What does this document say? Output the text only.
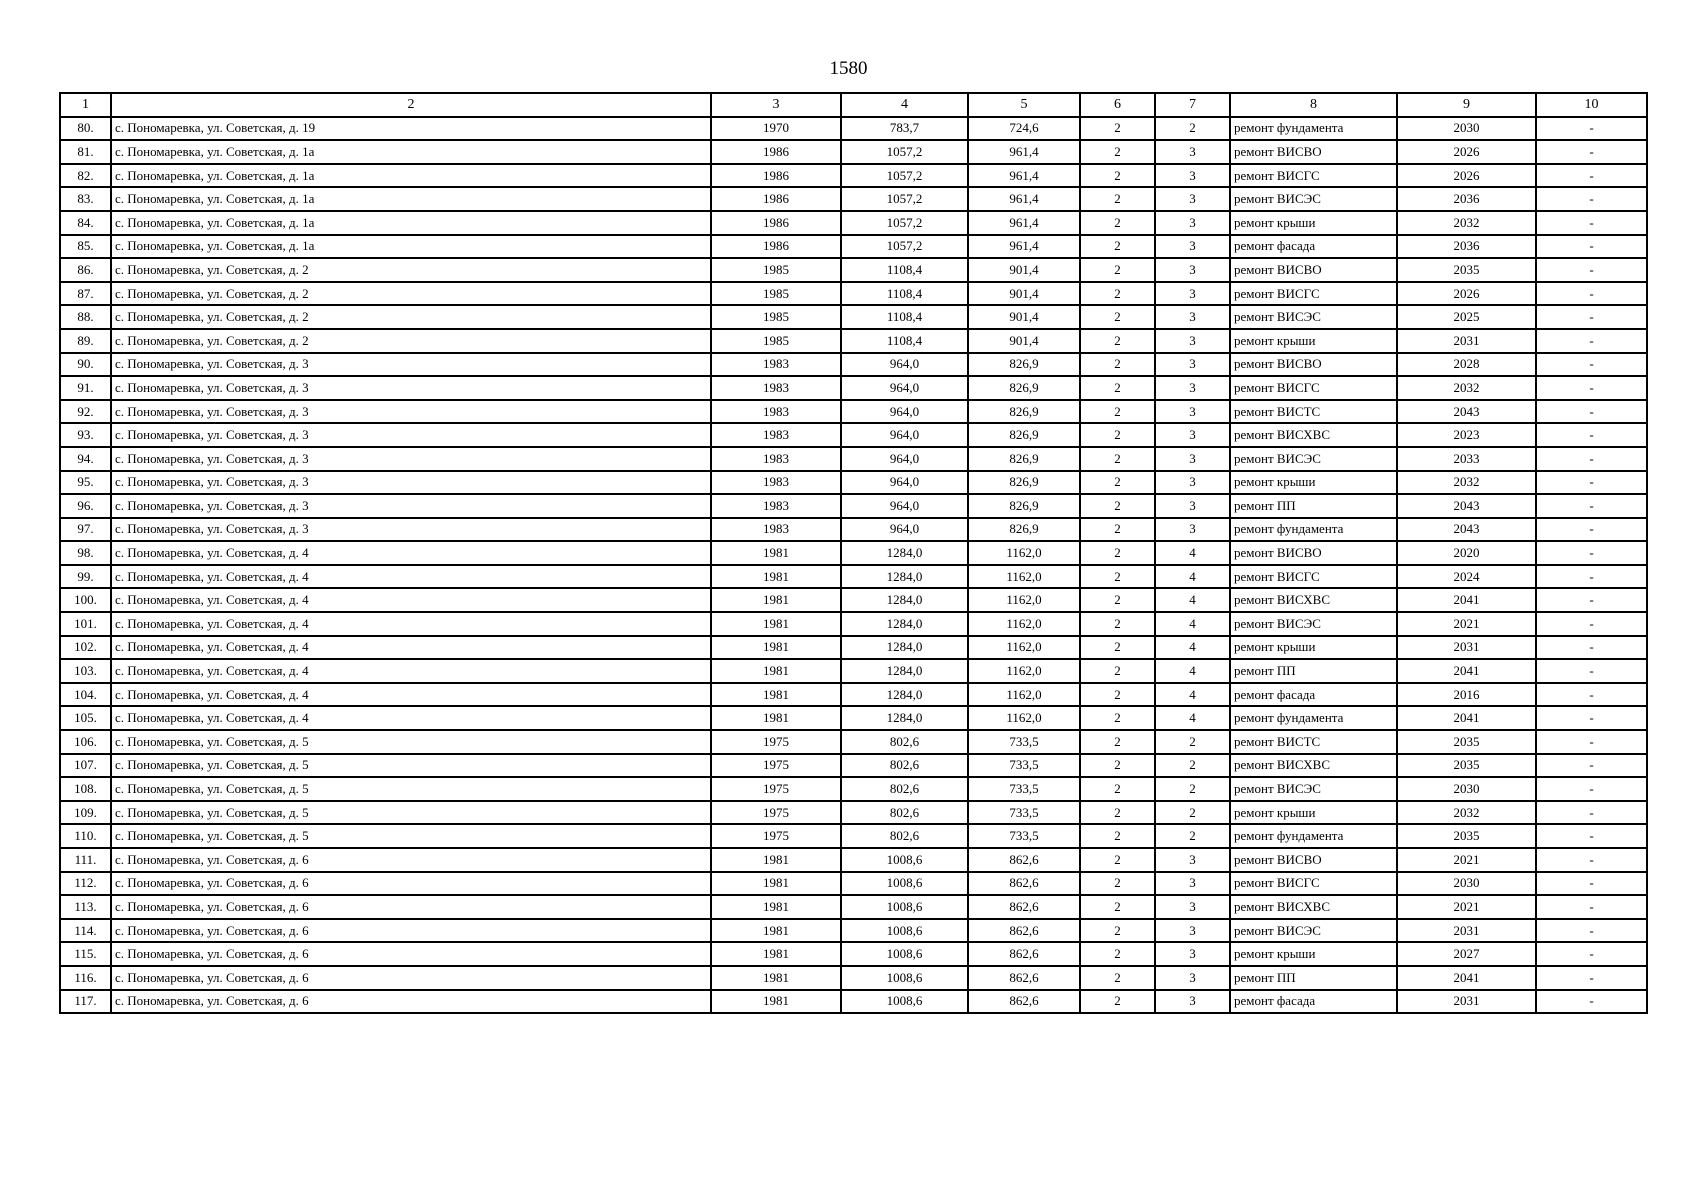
1580
1	2	3	4	5	6	7	8	9	10
80.	с. Пономаревка, ул. Советская, д. 19	1970	783,7	724,6	2	2	ремонт фундамента	2030	-
81.	с. Пономаревка, ул. Советская, д. 1а	1986	1057,2	961,4	2	3	ремонт ВИСВО	2026	-
82.	с. Пономаревка, ул. Советская, д. 1а	1986	1057,2	961,4	2	3	ремонт ВИСГС	2026	-
83.	с. Пономаревка, ул. Советская, д. 1а	1986	1057,2	961,4	2	3	ремонт ВИСЭС	2036	-
84.	с. Пономаревка, ул. Советская, д. 1а	1986	1057,2	961,4	2	3	ремонт крыши	2032	-
85.	с. Пономаревка, ул. Советская, д. 1а	1986	1057,2	961,4	2	3	ремонт фасада	2036	-
86.	с. Пономаревка, ул. Советская, д. 2	1985	1108,4	901,4	2	3	ремонт ВИСВО	2035	-
87.	с. Пономаревка, ул. Советская, д. 2	1985	1108,4	901,4	2	3	ремонт ВИСГС	2026	-
88.	с. Пономаревка, ул. Советская, д. 2	1985	1108,4	901,4	2	3	ремонт ВИСЭС	2025	-
89.	с. Пономаревка, ул. Советская, д. 2	1985	1108,4	901,4	2	3	ремонт крыши	2031	-
90.	с. Пономаревка, ул. Советская, д. 3	1983	964,0	826,9	2	3	ремонт ВИСВО	2028	-
91.	с. Пономаревка, ул. Советская, д. 3	1983	964,0	826,9	2	3	ремонт ВИСГС	2032	-
92.	с. Пономаревка, ул. Советская, д. 3	1983	964,0	826,9	2	3	ремонт ВИСТС	2043	-
93.	с. Пономаревка, ул. Советская, д. 3	1983	964,0	826,9	2	3	ремонт ВИСХВС	2023	-
94.	с. Пономаревка, ул. Советская, д. 3	1983	964,0	826,9	2	3	ремонт ВИСЭС	2033	-
95.	с. Пономаревка, ул. Советская, д. 3	1983	964,0	826,9	2	3	ремонт крыши	2032	-
96.	с. Пономаревка, ул. Советская, д. 3	1983	964,0	826,9	2	3	ремонт ПП	2043	-
97.	с. Пономаревка, ул. Советская, д. 3	1983	964,0	826,9	2	3	ремонт фундамента	2043	-
98.	с. Пономаревка, ул. Советская, д. 4	1981	1284,0	1162,0	2	4	ремонт ВИСВО	2020	-
99.	с. Пономаревка, ул. Советская, д. 4	1981	1284,0	1162,0	2	4	ремонт ВИСГС	2024	-
100.	с. Пономаревка, ул. Советская, д. 4	1981	1284,0	1162,0	2	4	ремонт ВИСХВС	2041	-
101.	с. Пономаревка, ул. Советская, д. 4	1981	1284,0	1162,0	2	4	ремонт ВИСЭС	2021	-
102.	с. Пономаревка, ул. Советская, д. 4	1981	1284,0	1162,0	2	4	ремонт крыши	2031	-
103.	с. Пономаревка, ул. Советская, д. 4	1981	1284,0	1162,0	2	4	ремонт ПП	2041	-
104.	с. Пономаревка, ул. Советская, д. 4	1981	1284,0	1162,0	2	4	ремонт фасада	2016	-
105.	с. Пономаревка, ул. Советская, д. 4	1981	1284,0	1162,0	2	4	ремонт фундамента	2041	-
106.	с. Пономаревка, ул. Советская, д. 5	1975	802,6	733,5	2	2	ремонт ВИСТС	2035	-
107.	с. Пономаревка, ул. Советская, д. 5	1975	802,6	733,5	2	2	ремонт ВИСХВС	2035	-
108.	с. Пономаревка, ул. Советская, д. 5	1975	802,6	733,5	2	2	ремонт ВИСЭС	2030	-
109.	с. Пономаревка, ул. Советская, д. 5	1975	802,6	733,5	2	2	ремонт крыши	2032	-
110.	с. Пономаревка, ул. Советская, д. 5	1975	802,6	733,5	2	2	ремонт фундамента	2035	-
111.	с. Пономаревка, ул. Советская, д. 6	1981	1008,6	862,6	2	3	ремонт ВИСВО	2021	-
112.	с. Пономаревка, ул. Советская, д. 6	1981	1008,6	862,6	2	3	ремонт ВИСГС	2030	-
113.	с. Пономаревка, ул. Советская, д. 6	1981	1008,6	862,6	2	3	ремонт ВИСХВС	2021	-
114.	с. Пономаревка, ул. Советская, д. 6	1981	1008,6	862,6	2	3	ремонт ВИСЭС	2031	-
115.	с. Пономаревка, ул. Советская, д. 6	1981	1008,6	862,6	2	3	ремонт крыши	2027	-
116.	с. Пономаревка, ул. Советская, д. 6	1981	1008,6	862,6	2	3	ремонт ПП	2041	-
117.	с. Пономаревка, ул. Советская, д. 6	1981	1008,6	862,6	2	3	ремонт фасада	2031	-
